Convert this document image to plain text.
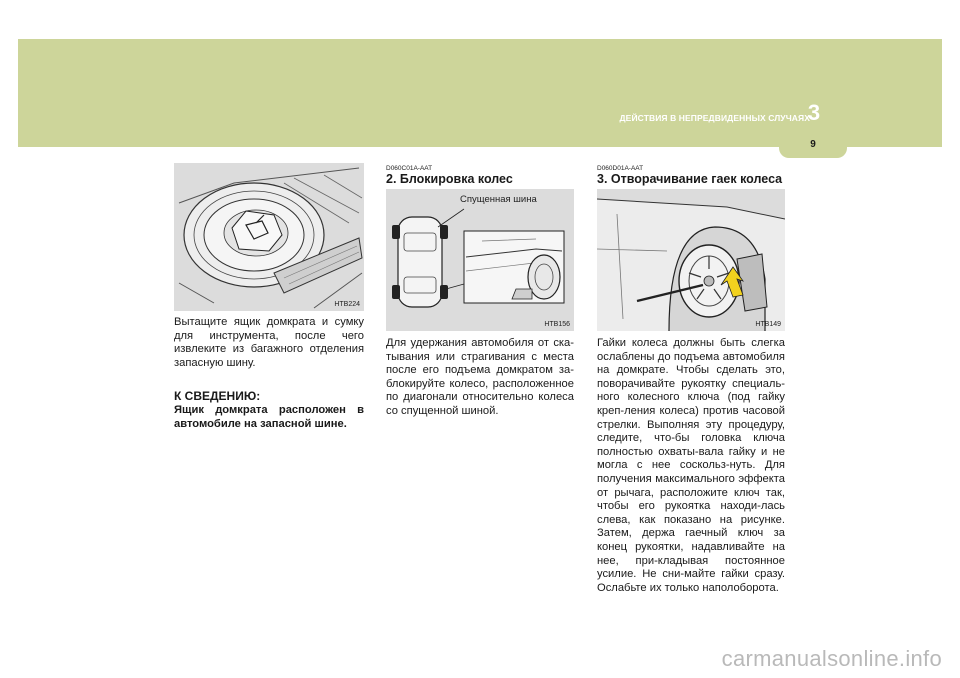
ДЕЙСТВИЯ В НЕПРЕДВИДЕННЫХ СЛУЧАЯХ
3
9
HTB224

Вытащите ящик домкрата и сумку для инструмента, после чего извлеките из багажного отделения запасную шину.

К СВЕДЕНИЮ:

Ящик домкрата расположен в автомобиле на запасной шине.

D060C01A-AAT
2. Блокировка колес
HTB156
Спущенная шина

Для удержания автомобиля от ска-тывания или страгивания с места после его подъема домкратом за-блокируйте колесо, расположенное по диагонали относительно колеса со спущенной шиной.

D060D01A-AAT
3. Отворачивание гаек колеса
HTB149

Гайки колеса должны быть слегка ослаблены до подъема автомобиля на домкрате. Чтобы сделать это, поворачивайте рукоятку специаль-ного колесного ключа (под гайку креп-ления колеса) против часовой стрелки. Выполняя эту процедуру, следите, что-бы головка ключа полностью охваты-вала гайку и не могла с нее соскольз-нуть. Для получения максимального эффекта от рычага, расположите ключ так, чтобы его рукоятка находи-лась слева, как показано на рисунке. Затем, держа гаечный ключ за конец рукоятки, надавливайте на нее, при-кладывая постоянное усилие. Не сни-майте гайки сразу. Ослабьте их только наполоборота.

carmanualsonline.info
